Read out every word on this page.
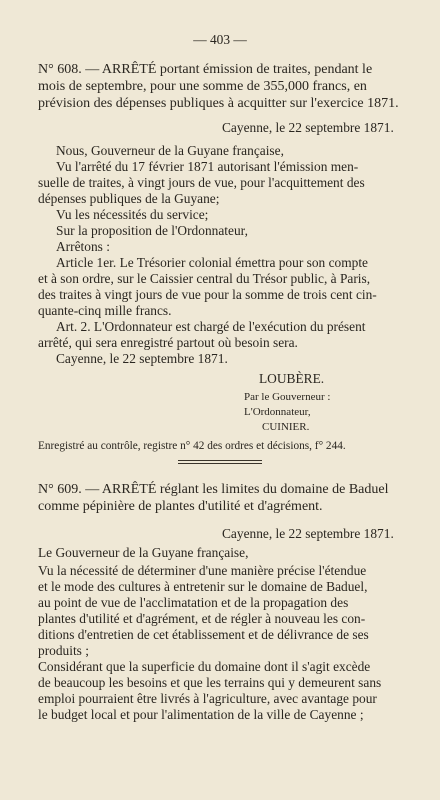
— 403 —
N° 608. — ARRÊTÉ portant émission de traites, pendant le
mois de septembre, pour une somme de 355,000 francs, en
prévision des dépenses publiques à acquitter sur l'exercice 1871.
Cayenne, le 22 septembre 1871.
Nous, Gouverneur de la Guyane française,
Vu l'arrêté du 17 février 1871 autorisant l'émission men-
suelle de traites, à vingt jours de vue, pour l'acquittement des
dépenses publiques de la Guyane;
Vu les nécessités du service;
Sur la proposition de l'Ordonnateur,
Arrêtons :
Article 1er. Le Trésorier colonial émettra pour son compte
et à son ordre, sur le Caissier central du Trésor public, à Paris,
des traites à vingt jours de vue pour la somme de trois cent cin-
quante-cinq mille francs.
Art. 2. L'Ordonnateur est chargé de l'exécution du présent
arrêté, qui sera enregistré partout où besoin sera.
Cayenne, le 22 septembre 1871.
LOUBÈRE.
Par le Gouverneur :
L'Ordonnateur,
CUINIER.
Enregistré au contrôle, registre n° 42 des ordres et décisions, f° 244.
N° 609. — ARRÊTÉ réglant les limites du domaine de Baduel
comme pépinière de plantes d'utilité et d'agrément.
Cayenne, le 22 septembre 1871.
Le Gouverneur de la Guyane française,
Vu la nécessité de déterminer d'une manière précise l'étendue
et le mode des cultures à entretenir sur le domaine de Baduel,
au point de vue de l'acclimatation et de la propagation des
plantes d'utilité et d'agrément, et de régler à nouveau les con-
ditions d'entretien de cet établissement et de délivrance de ses
produits ;
Considérant que la superficie du domaine dont il s'agit excède
de beaucoup les besoins et que les terrains qui y demeurent sans
emploi pourraient être livrés à l'agriculture, avec avantage pour
le budget local et pour l'alimentation de la ville de Cayenne ;
